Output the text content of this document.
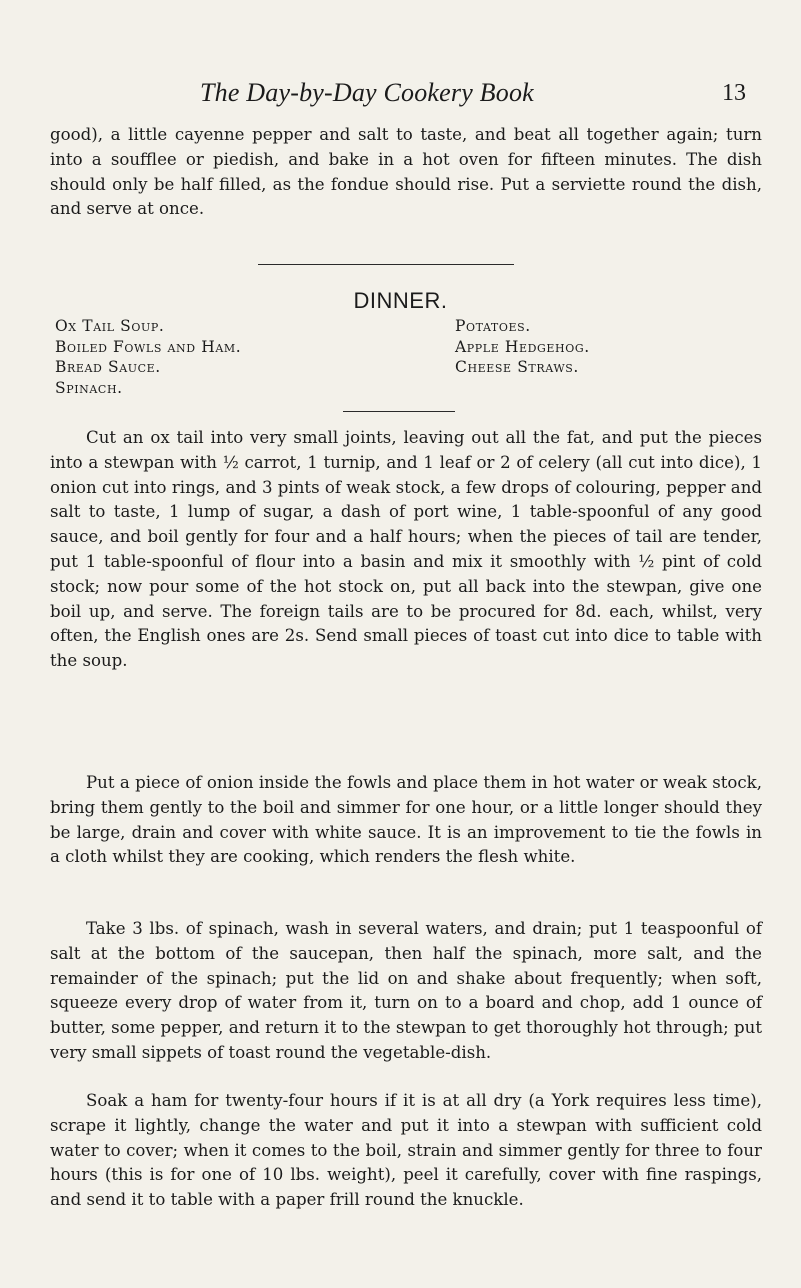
The Day-by-Day Cookery Book	13

good), a little cayenne pepper and salt to taste, and beat all together again; turn into a soufflee or piedish, and bake in a hot oven for fifteen minutes. The dish should only be half filled, as the fondue should rise. Put a serviette round the dish, and serve at once.

DINNER.
Ox Tail Soup.
Boiled Fowls and Ham.
Bread Sauce.
Spinach.
Potatoes.
Apple Hedgehog.
Cheese Straws.

Cut an ox tail into very small joints, leaving out all the fat, and put the pieces into a stewpan with ½ carrot, 1 turnip, and 1 leaf or 2 of celery (all cut into dice), 1 onion cut into rings, and 3 pints of weak stock, a few drops of colouring, pepper and salt to taste, 1 lump of sugar, a dash of port wine, 1 table-spoonful of any good sauce, and boil gently for four and a half hours; when the pieces of tail are tender, put 1 table-spoonful of flour into a basin and mix it smoothly with ½ pint of cold stock; now pour some of the hot stock on, put all back into the stewpan, give one boil up, and serve. The foreign tails are to be procured for 8d. each, whilst, very often, the English ones are 2s. Send small pieces of toast cut into dice to table with the soup.

Put a piece of onion inside the fowls and place them in hot water or weak stock, bring them gently to the boil and simmer for one hour, or a little longer should they be large, drain and cover with white sauce. It is an improvement to tie the fowls in a cloth whilst they are cooking, which renders the flesh white.

Take 3 lbs. of spinach, wash in several waters, and drain; put 1 teaspoonful of salt at the bottom of the saucepan, then half the spinach, more salt, and the remainder of the spinach; put the lid on and shake about frequently; when soft, squeeze every drop of water from it, turn on to a board and chop, add 1 ounce of butter, some pepper, and return it to the stewpan to get thoroughly hot through; put very small sippets of toast round the vegetable-dish.

Soak a ham for twenty-four hours if it is at all dry (a York requires less time), scrape it lightly, change the water and put it into a stewpan with sufficient cold water to cover; when it comes to the boil, strain and simmer gently for three to four hours (this is for one of 10 lbs. weight), peel it carefully, cover with fine raspings, and send it to table with a paper frill round the knuckle.
